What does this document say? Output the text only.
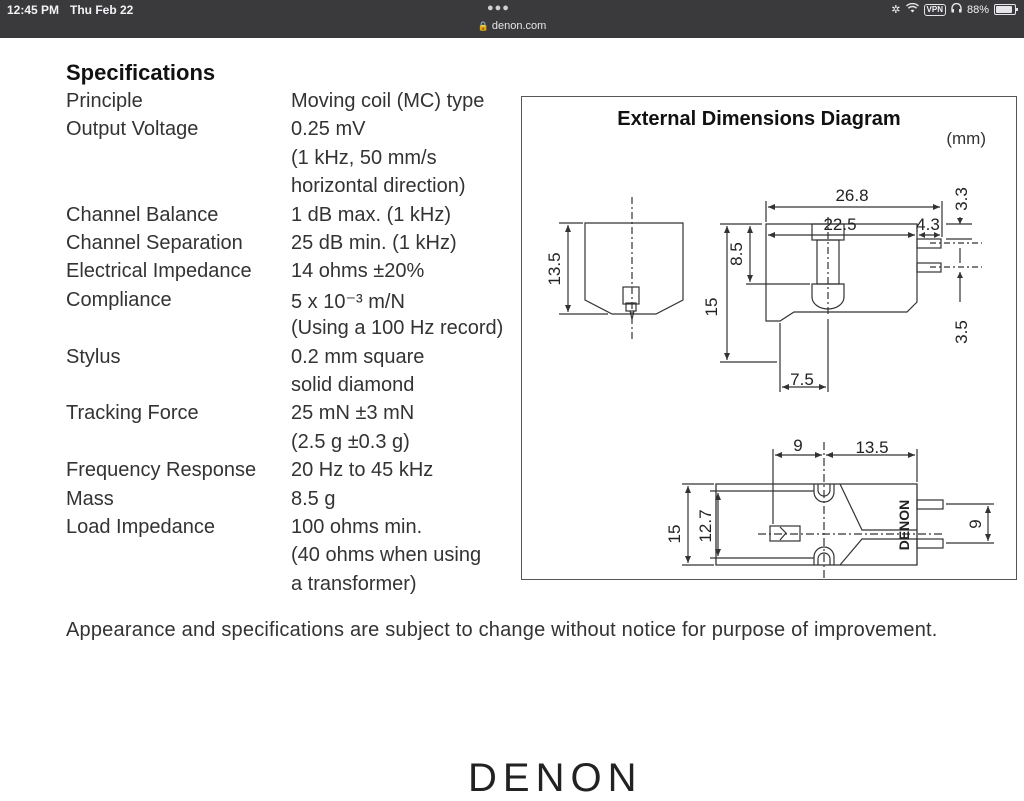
12:45 PM Thu Feb 22	●●●
🔒 denon.com
✲	VPN 88%
Specifications
Principle	Moving coil (MC) type
Output Voltage	0.25 mV
(1 kHz, 50 mm/s
horizontal direction)
Channel Balance	1 dB max. (1 kHz)
Channel Separation 25 dB min. (1 kHz)
Electrical Impedance 14 ohms ±20%
Compliance	5 x 10⁻³ m/N
(Using a 100 Hz record)
Stylus	0.2 mm square
solid diamond
Tracking Force	25 mN ±3 mN
(2.5 g ±0.3 g)
Frequency Response 20 Hz to 45 kHz
Mass	8.5 g
Load Impedance	100 ohms min.
(40 ohms when using
a transformer)
External Dimensions Diagram
(mm)
13.5
26.8
22.5	4.3
3.3
15
8.5
3.5
7.5
9	13.5
15 12.7	9
DENON
Appearance and specifications are subject to change without notice for purpose of improvement.
DENON
